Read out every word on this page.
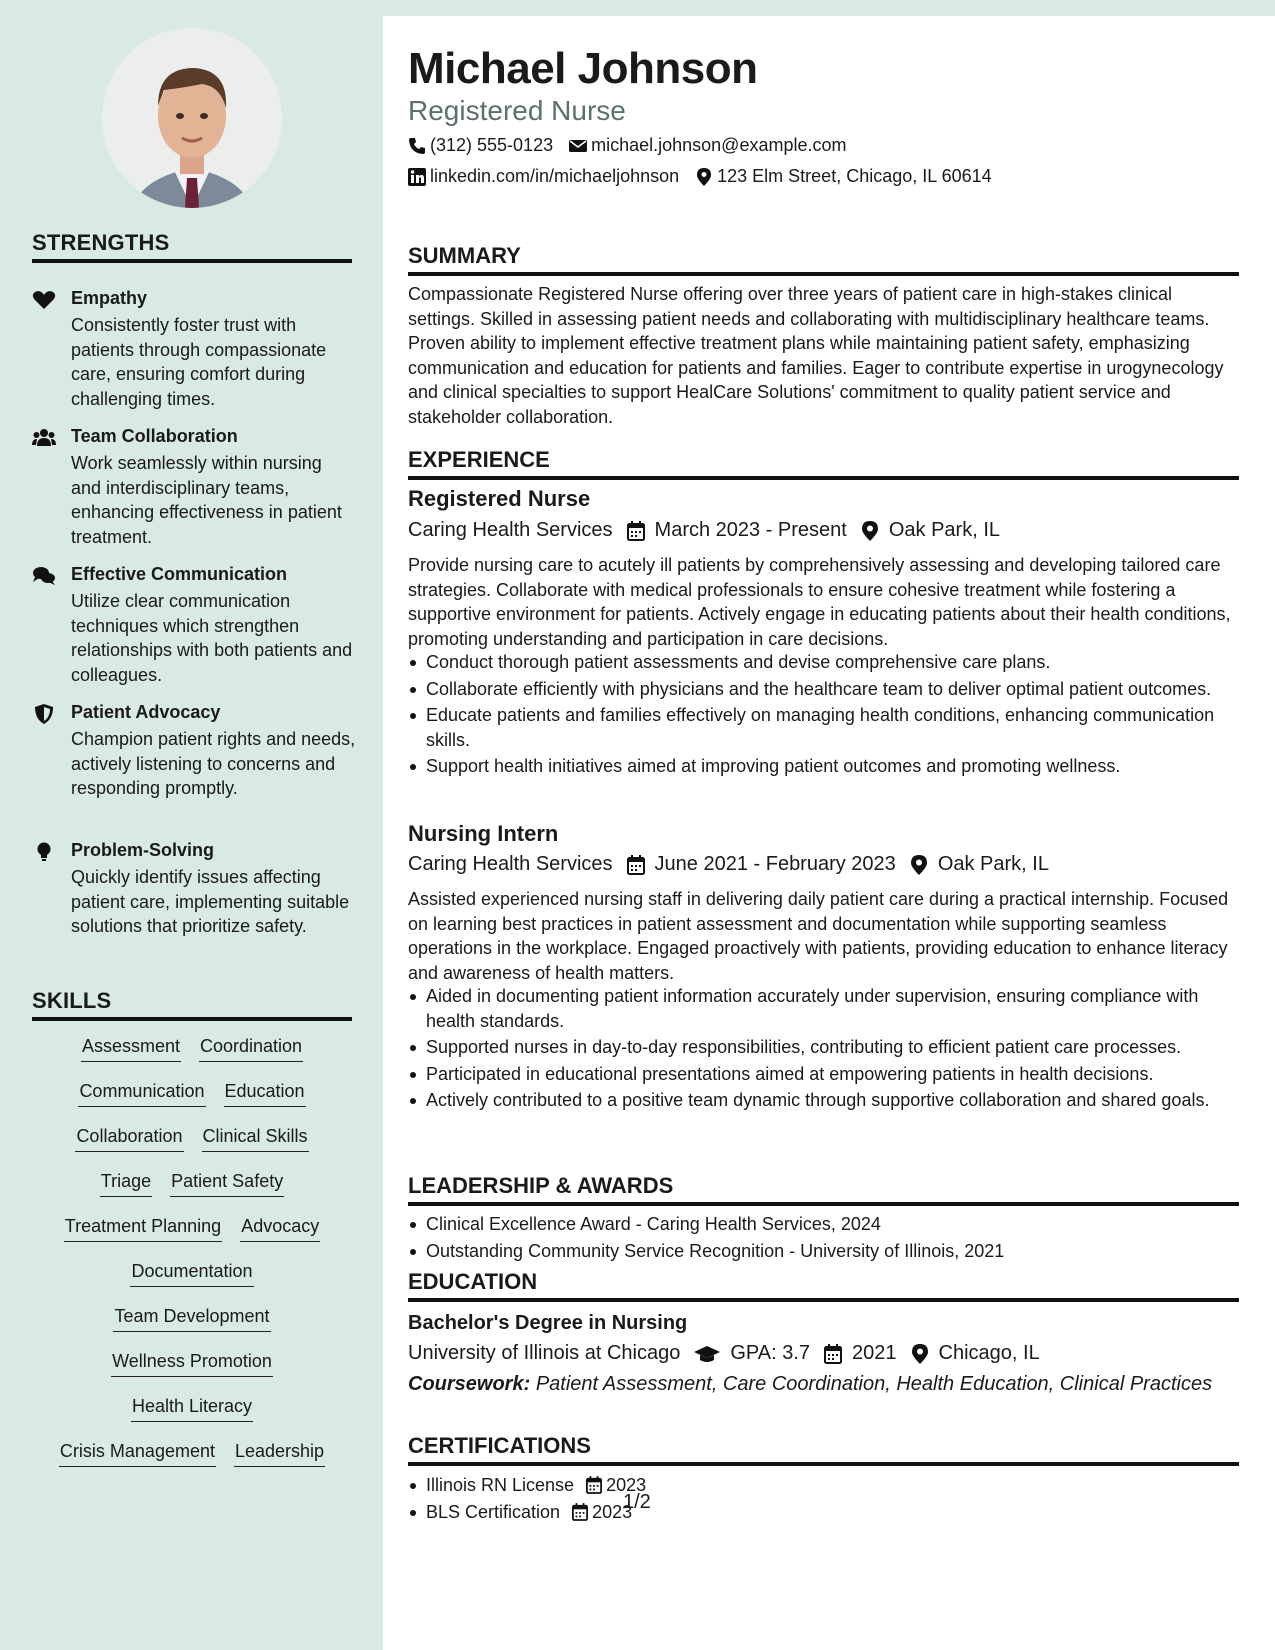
STRENGTHS
Empathy
Consistently foster trust with patients through compassionate care, ensuring comfort during challenging times.
Team Collaboration
Work seamlessly within nursing and interdisciplinary teams, enhancing effectiveness in patient treatment.
Effective Communication
Utilize clear communication techniques which strengthen relationships with both patients and colleagues.
Patient Advocacy
Champion patient rights and needs, actively listening to concerns and responding promptly.
Problem-Solving
Quickly identify issues affecting patient care, implementing suitable solutions that prioritize safety.
SKILLS
Assessment Coordination
Communication Education
Collaboration Clinical Skills
Triage Patient Safety
Treatment Planning Advocacy
Documentation
Team Development
Wellness Promotion
Health Literacy
Crisis Management Leadership
Michael Johnson
Registered Nurse
(312) 555-0123 michael.johnson@example.com
linkedin.com/in/michaeljohnson 123 Elm Street, Chicago, IL 60614
SUMMARY
Compassionate Registered Nurse offering over three years of patient care in high-stakes clinical settings. Skilled in assessing patient needs and collaborating with multidisciplinary healthcare teams. Proven ability to implement effective treatment plans while maintaining patient safety, emphasizing communication and education for patients and families. Eager to contribute expertise in urogynecology and clinical specialties to support HealCare Solutions' commitment to quality patient service and stakeholder collaboration.
EXPERIENCE
Registered Nurse
Caring Health Services March 2023 - Present Oak Park, IL
Provide nursing care to acutely ill patients by comprehensively assessing and developing tailored care strategies. Collaborate with medical professionals to ensure cohesive treatment while fostering a supportive environment for patients. Actively engage in educating patients about their health conditions, promoting understanding and participation in care decisions.
Conduct thorough patient assessments and devise comprehensive care plans.
Collaborate efficiently with physicians and the healthcare team to deliver optimal patient outcomes.
Educate patients and families effectively on managing health conditions, enhancing communication skills.
Support health initiatives aimed at improving patient outcomes and promoting wellness.
Nursing Intern
Caring Health Services June 2021 - February 2023 Oak Park, IL
Assisted experienced nursing staff in delivering daily patient care during a practical internship. Focused on learning best practices in patient assessment and documentation while supporting seamless operations in the workplace. Engaged proactively with patients, providing education to enhance literacy and awareness of health matters.
Aided in documenting patient information accurately under supervision, ensuring compliance with health standards.
Supported nurses in day-to-day responsibilities, contributing to efficient patient care processes.
Participated in educational presentations aimed at empowering patients in health decisions.
Actively contributed to a positive team dynamic through supportive collaboration and shared goals.
LEADERSHIP & AWARDS
Clinical Excellence Award - Caring Health Services, 2024
Outstanding Community Service Recognition - University of Illinois, 2021
EDUCATION
Bachelor's Degree in Nursing
University of Illinois at Chicago	GPA: 3.7 2021 Chicago, IL
Coursework: Patient Assessment, Care Coordination, Health Education, Clinical Practices
CERTIFICATIONS
Illinois RN License 2023
BLS Certification 2023
1/2
